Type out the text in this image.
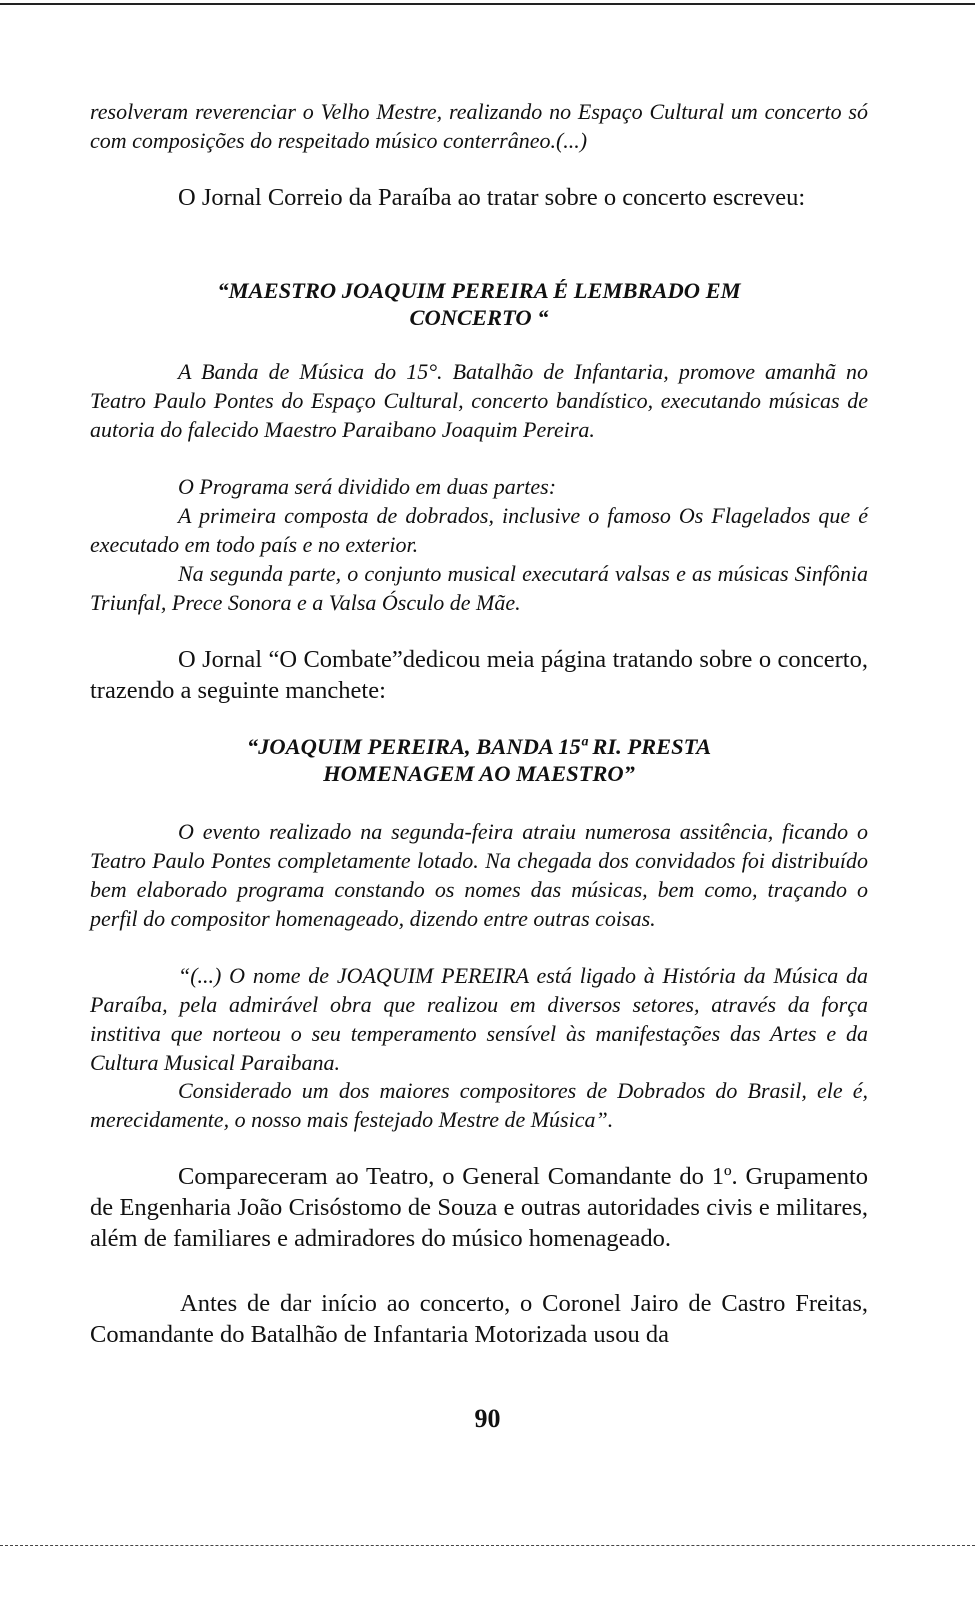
resolveram reverenciar o Velho Mestre, realizando no Espaço Cultural um concerto só com composições do respeitado músico conterrâneo.(...)

O Jornal Correio da Paraíba ao tratar sobre o concerto escreveu:

“MAESTRO JOAQUIM PEREIRA É LEMBRADO EM
CONCERTO “

A Banda de Música do 15°. Batalhão de Infantaria, promove amanhã no Teatro Paulo Pontes do Espaço Cultural, concerto bandístico, executando músicas de autoria do falecido Maestro Paraibano Joaquim Pereira.

O Programa será dividido em duas partes:

A primeira composta de dobrados, inclusive o famoso Os Flagelados que é executado em todo país e no exterior.

Na segunda parte, o conjunto musical executará valsas e as músicas Sinfônia Triunfal, Prece Sonora e a Valsa Ósculo de Mãe.

O Jornal “O Combate”dedicou meia página tratando sobre o concerto, trazendo a seguinte manchete:

“JOAQUIM PEREIRA, BANDA 15ª RI. PRESTA
HOMENAGEM AO MAESTRO”

O evento realizado na segunda-feira atraiu numerosa assitência, ficando o Teatro Paulo Pontes completamente lotado. Na chegada dos convidados foi distribuído bem elaborado programa constando os nomes das músicas, bem como, traçando o perfil do compositor homenageado, dizendo entre outras coisas.

“(...) O nome de JOAQUIM PEREIRA está ligado à História da Música da Paraíba, pela admirável obra que realizou em diversos setores, através da força institiva que norteou o seu temperamento sensível às manifestações das Artes e da Cultura Musical Paraibana.

Considerado um dos maiores compositores de Dobrados do Brasil, ele é, merecidamente, o nosso mais festejado Mestre de Música”.

Compareceram ao Teatro, o General Comandante do 1º. Grupamento de Engenharia João Crisóstomo de Souza e outras autoridades civis e militares, além de familiares e admiradores do músico homenageado.

Antes de dar início ao concerto, o Coronel Jairo de Castro Freitas, Comandante do Batalhão de Infantaria Motorizada usou da

90
